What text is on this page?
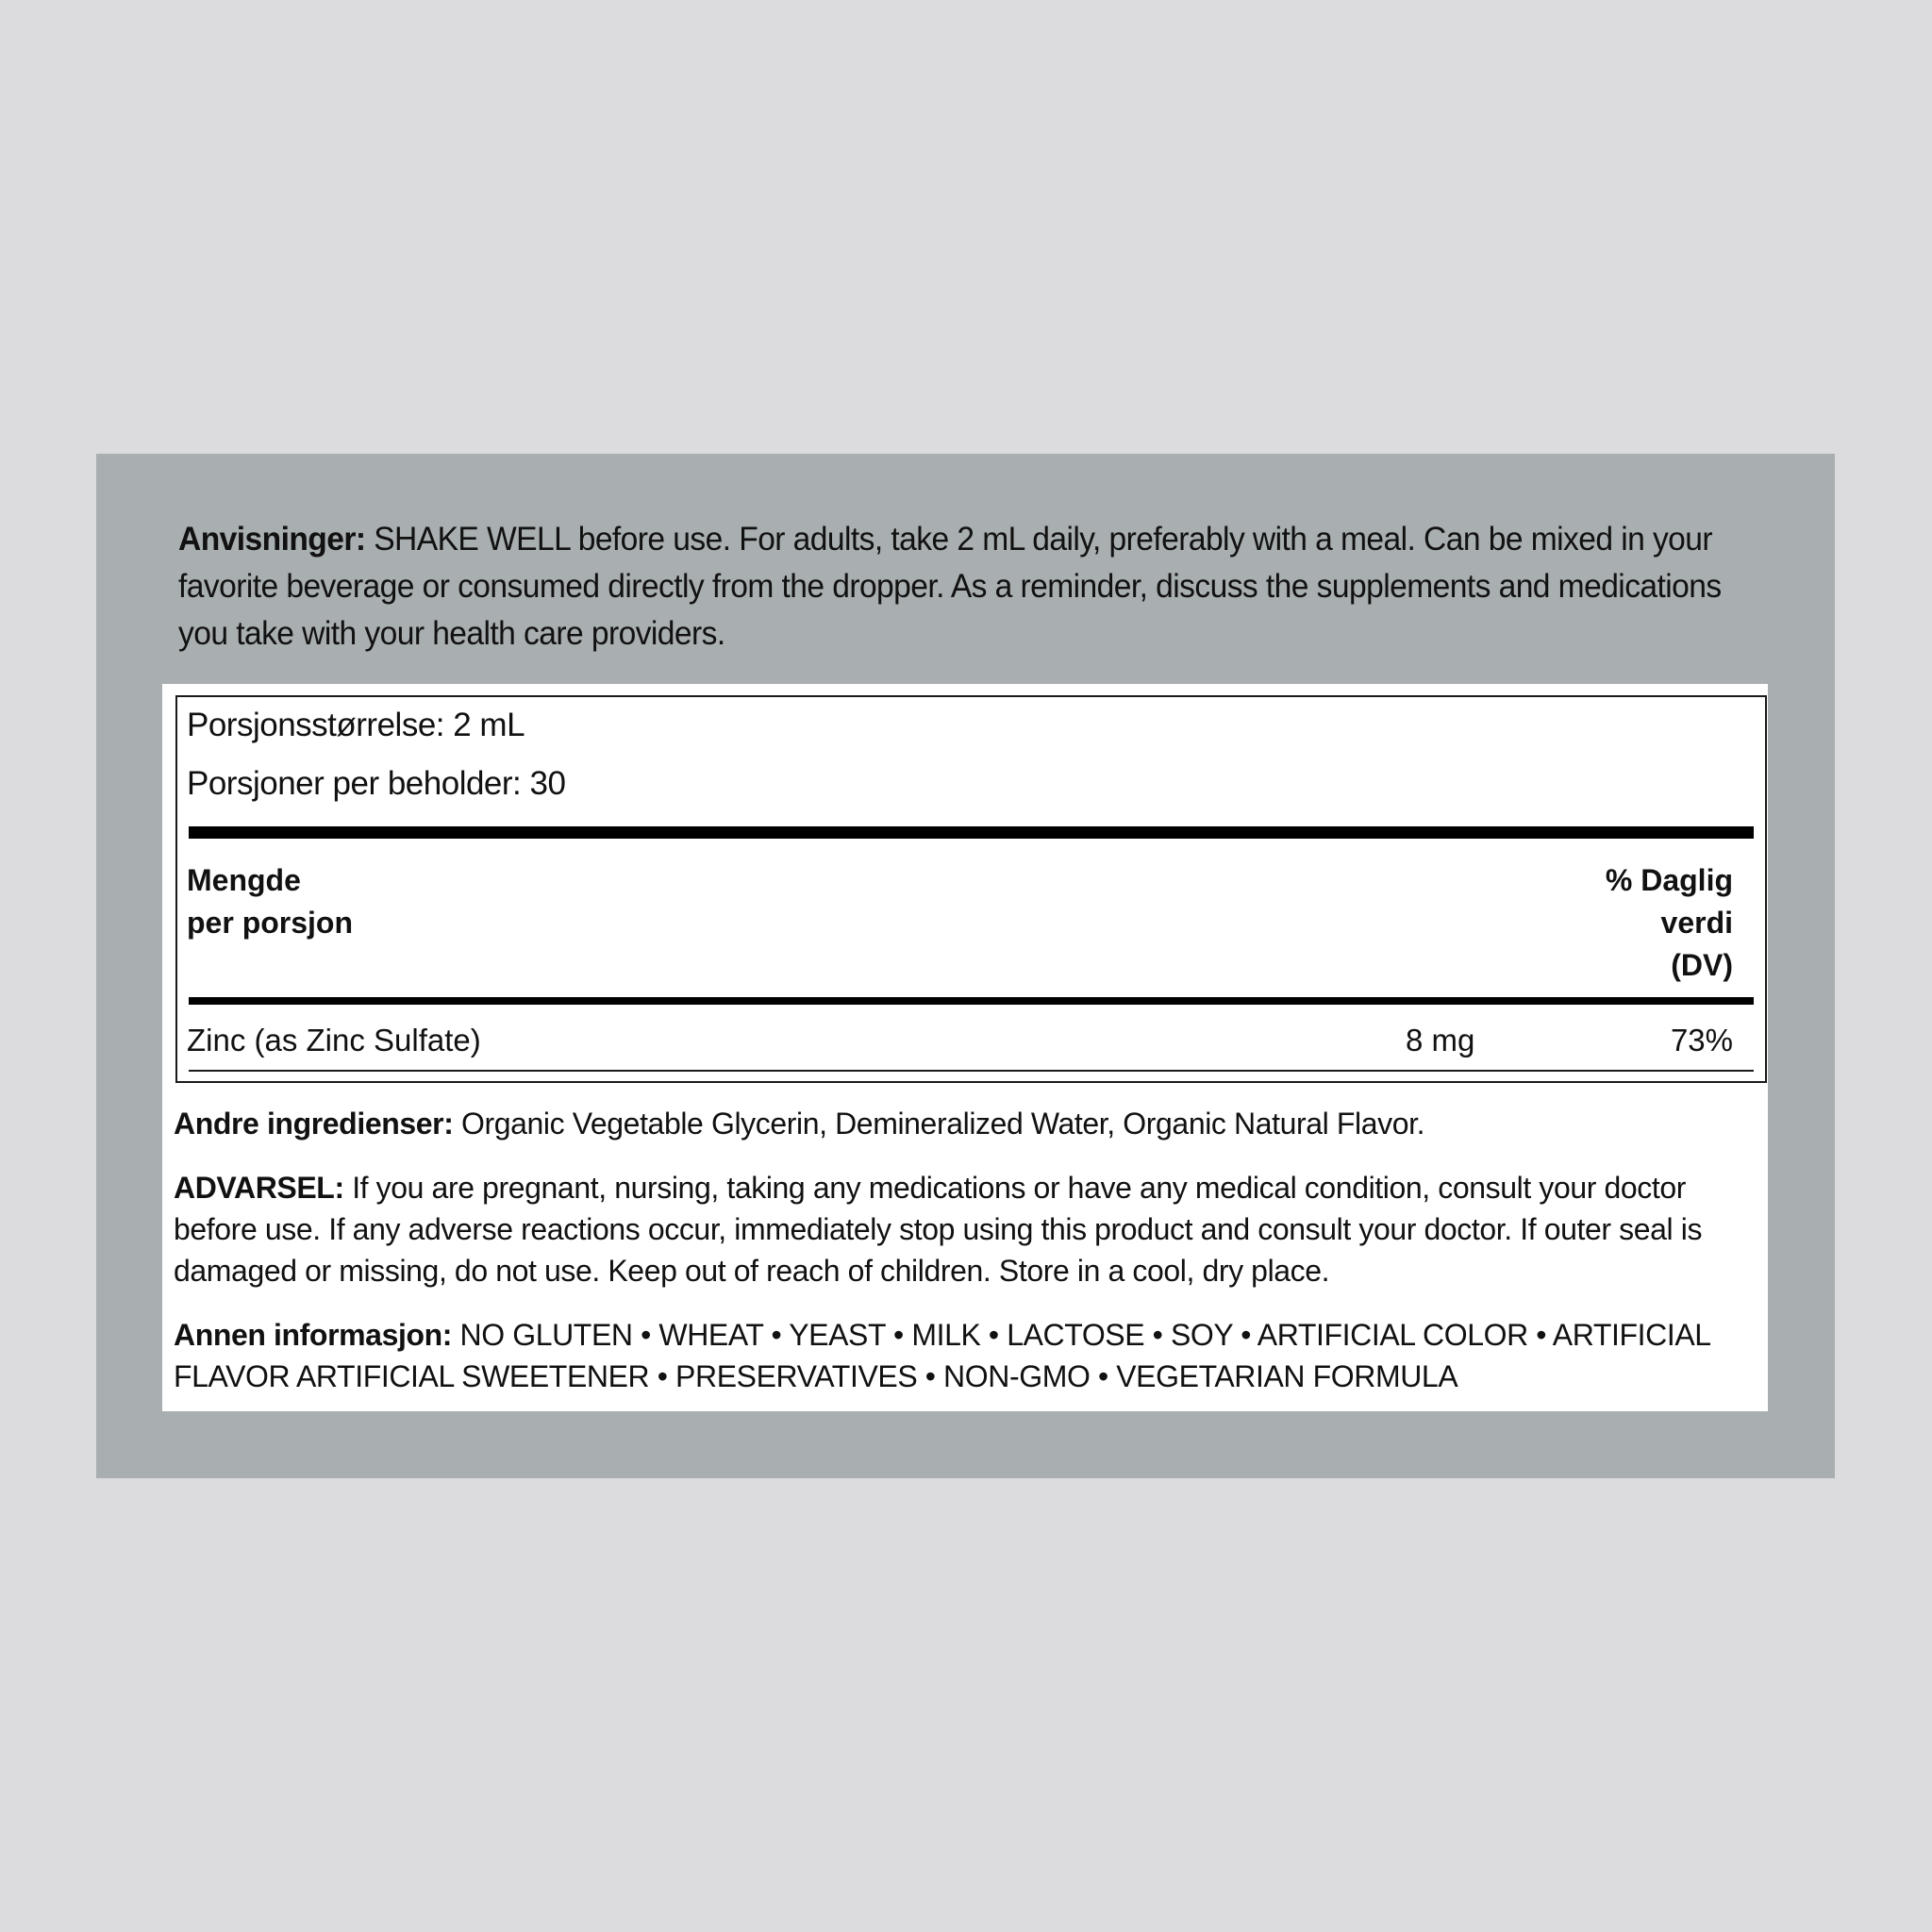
Anvisninger: SHAKE WELL before use. For adults, take 2 mL daily, preferably with a meal. Can be mixed in your favorite beverage or consumed directly from the dropper. As a reminder, discuss the supplements and medications you take with your health care providers.
Porsjonsstørrelse: 2 mL
Porsjoner per beholder: 30
Mengde
per porsjon
% Daglig
verdi
(DV)
Zinc (as Zinc Sulfate)	8 mg	73%
Andre ingredienser: Organic Vegetable Glycerin, Demineralized Water, Organic Natural Flavor.
ADVARSEL: If you are pregnant, nursing, taking any medications or have any medical condition, consult your doctor before use. If any adverse reactions occur, immediately stop using this product and consult your doctor. If outer seal is damaged or missing, do not use. Keep out of reach of children. Store in a cool, dry place.
Annen informasjon: NO GLUTEN • WHEAT • YEAST • MILK • LACTOSE • SOY • ARTIFICIAL COLOR • ARTIFICIAL FLAVOR ARTIFICIAL SWEETENER • PRESERVATIVES • NON-GMO • VEGETARIAN FORMULA
